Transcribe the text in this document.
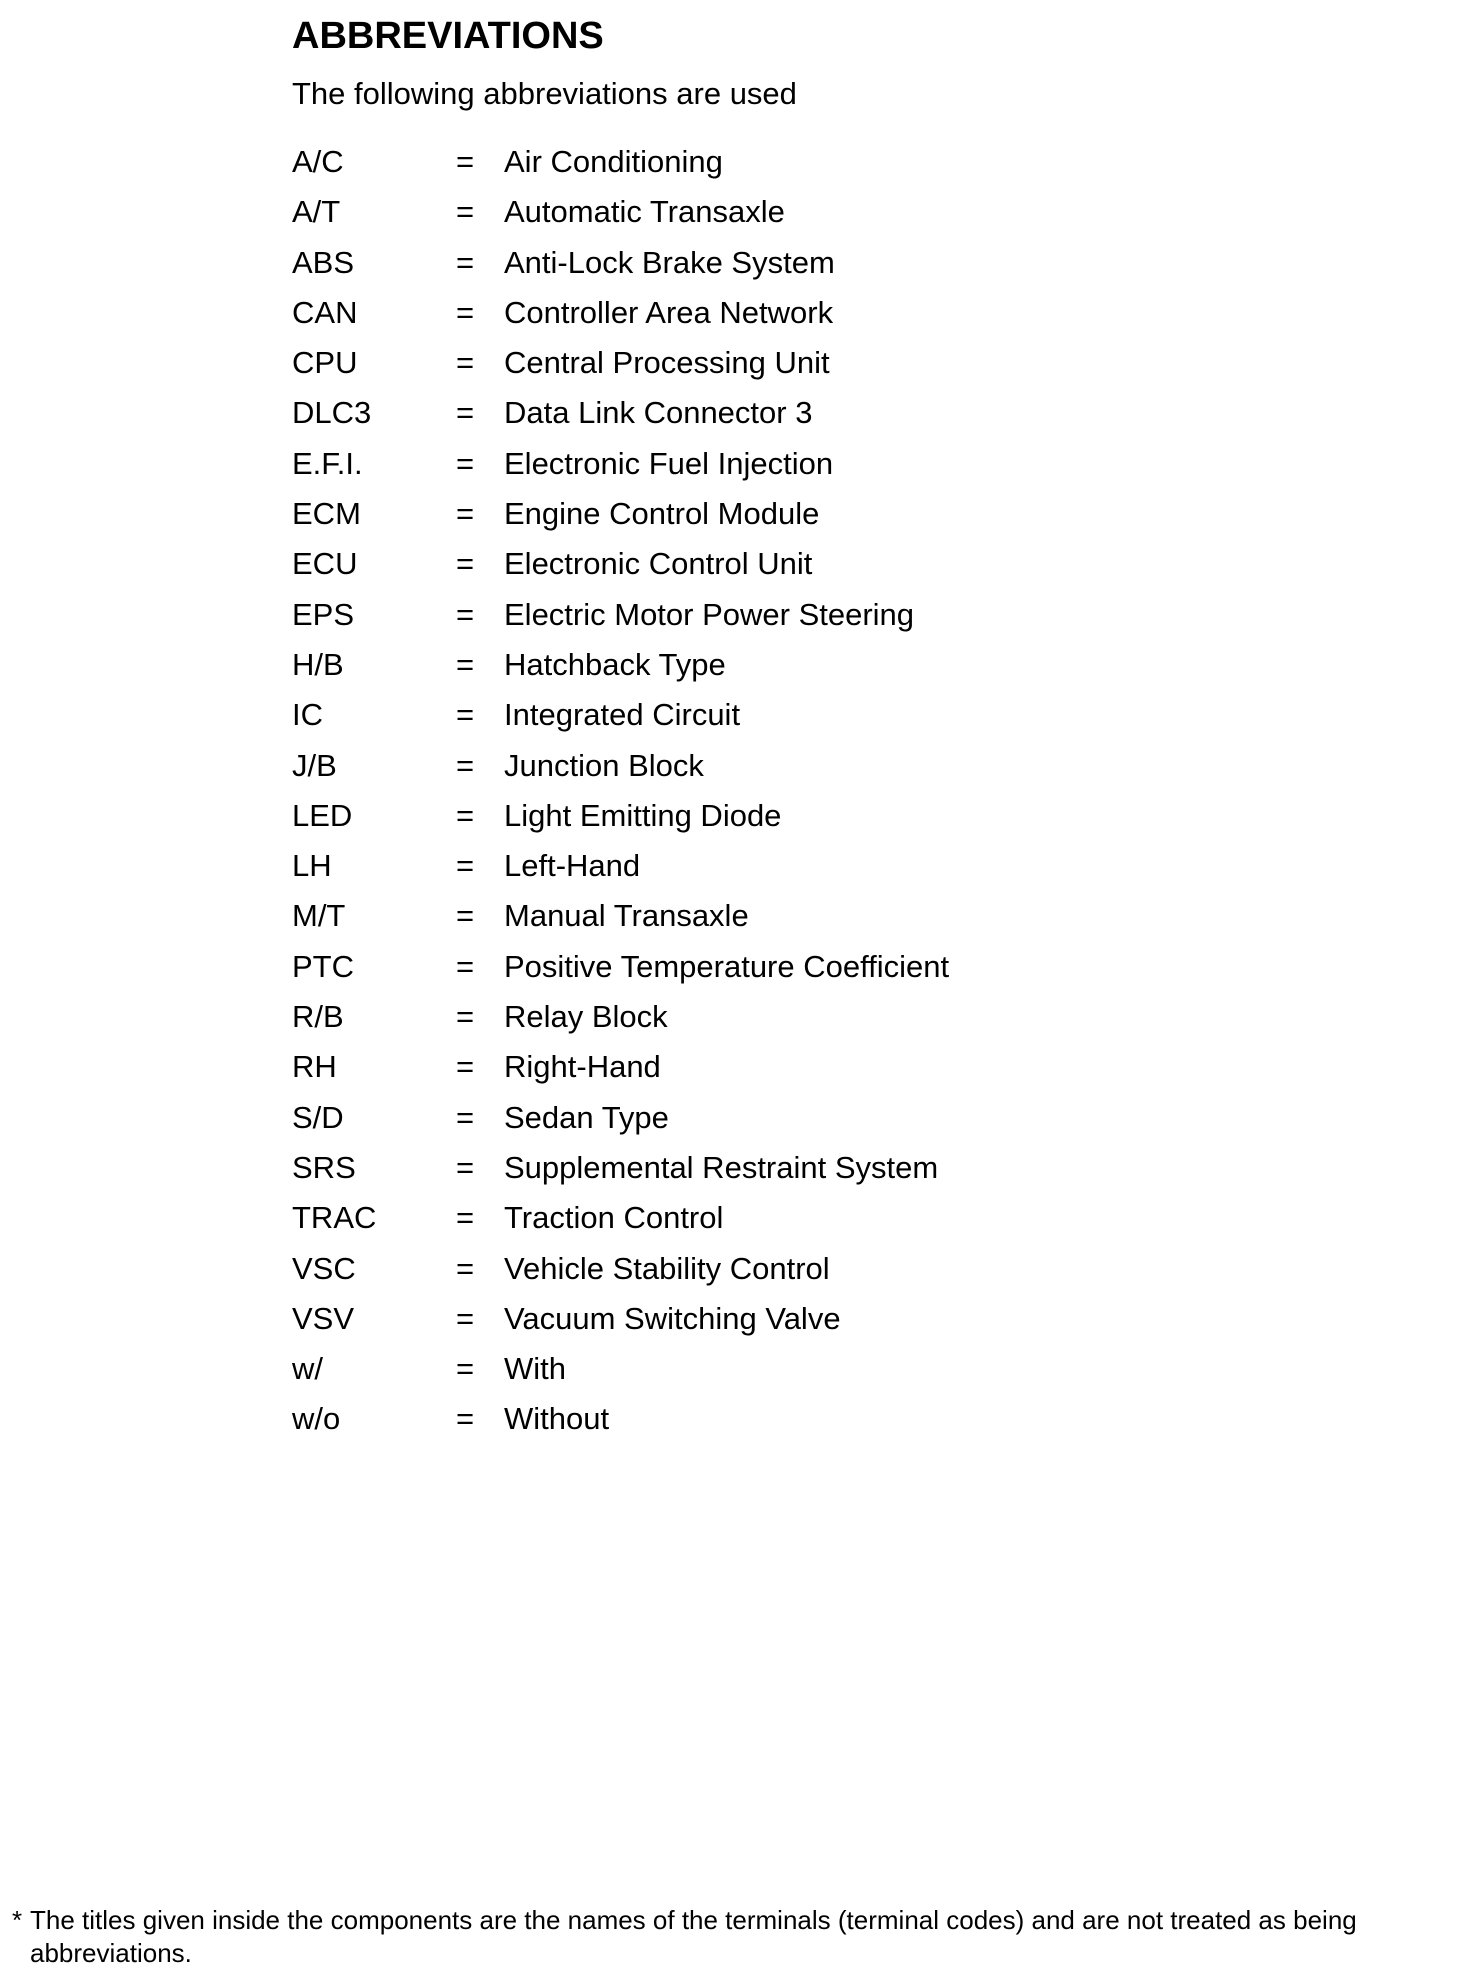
ABBREVIATIONS
The following abbreviations are used
A/C	= Air Conditioning
A/T	= Automatic Transaxle
ABS	= Anti-Lock Brake System
CAN	= Controller Area Network
CPU	= Central Processing Unit
DLC3	= Data Link Connector 3
E.F.I.	= Electronic Fuel Injection
ECM	= Engine Control Module
ECU	= Electronic Control Unit
EPS	= Electric Motor Power Steering
H/B	= Hatchback Type
IC	= Integrated Circuit
J/B	= Junction Block
LED	= Light Emitting Diode
LH	= Left-Hand
M/T	= Manual Transaxle
PTC	= Positive Temperature Coefficient
R/B	= Relay Block
RH	= Right-Hand
S/D	= Sedan Type
SRS	= Supplemental Restraint System
TRAC	= Traction Control
VSC	= Vehicle Stability Control
VSV	= Vacuum Switching Valve
w/	= With
w/o	= Without
* The titles given inside the components are the names of the terminals (terminal codes) and are not treated as being abbreviations.
